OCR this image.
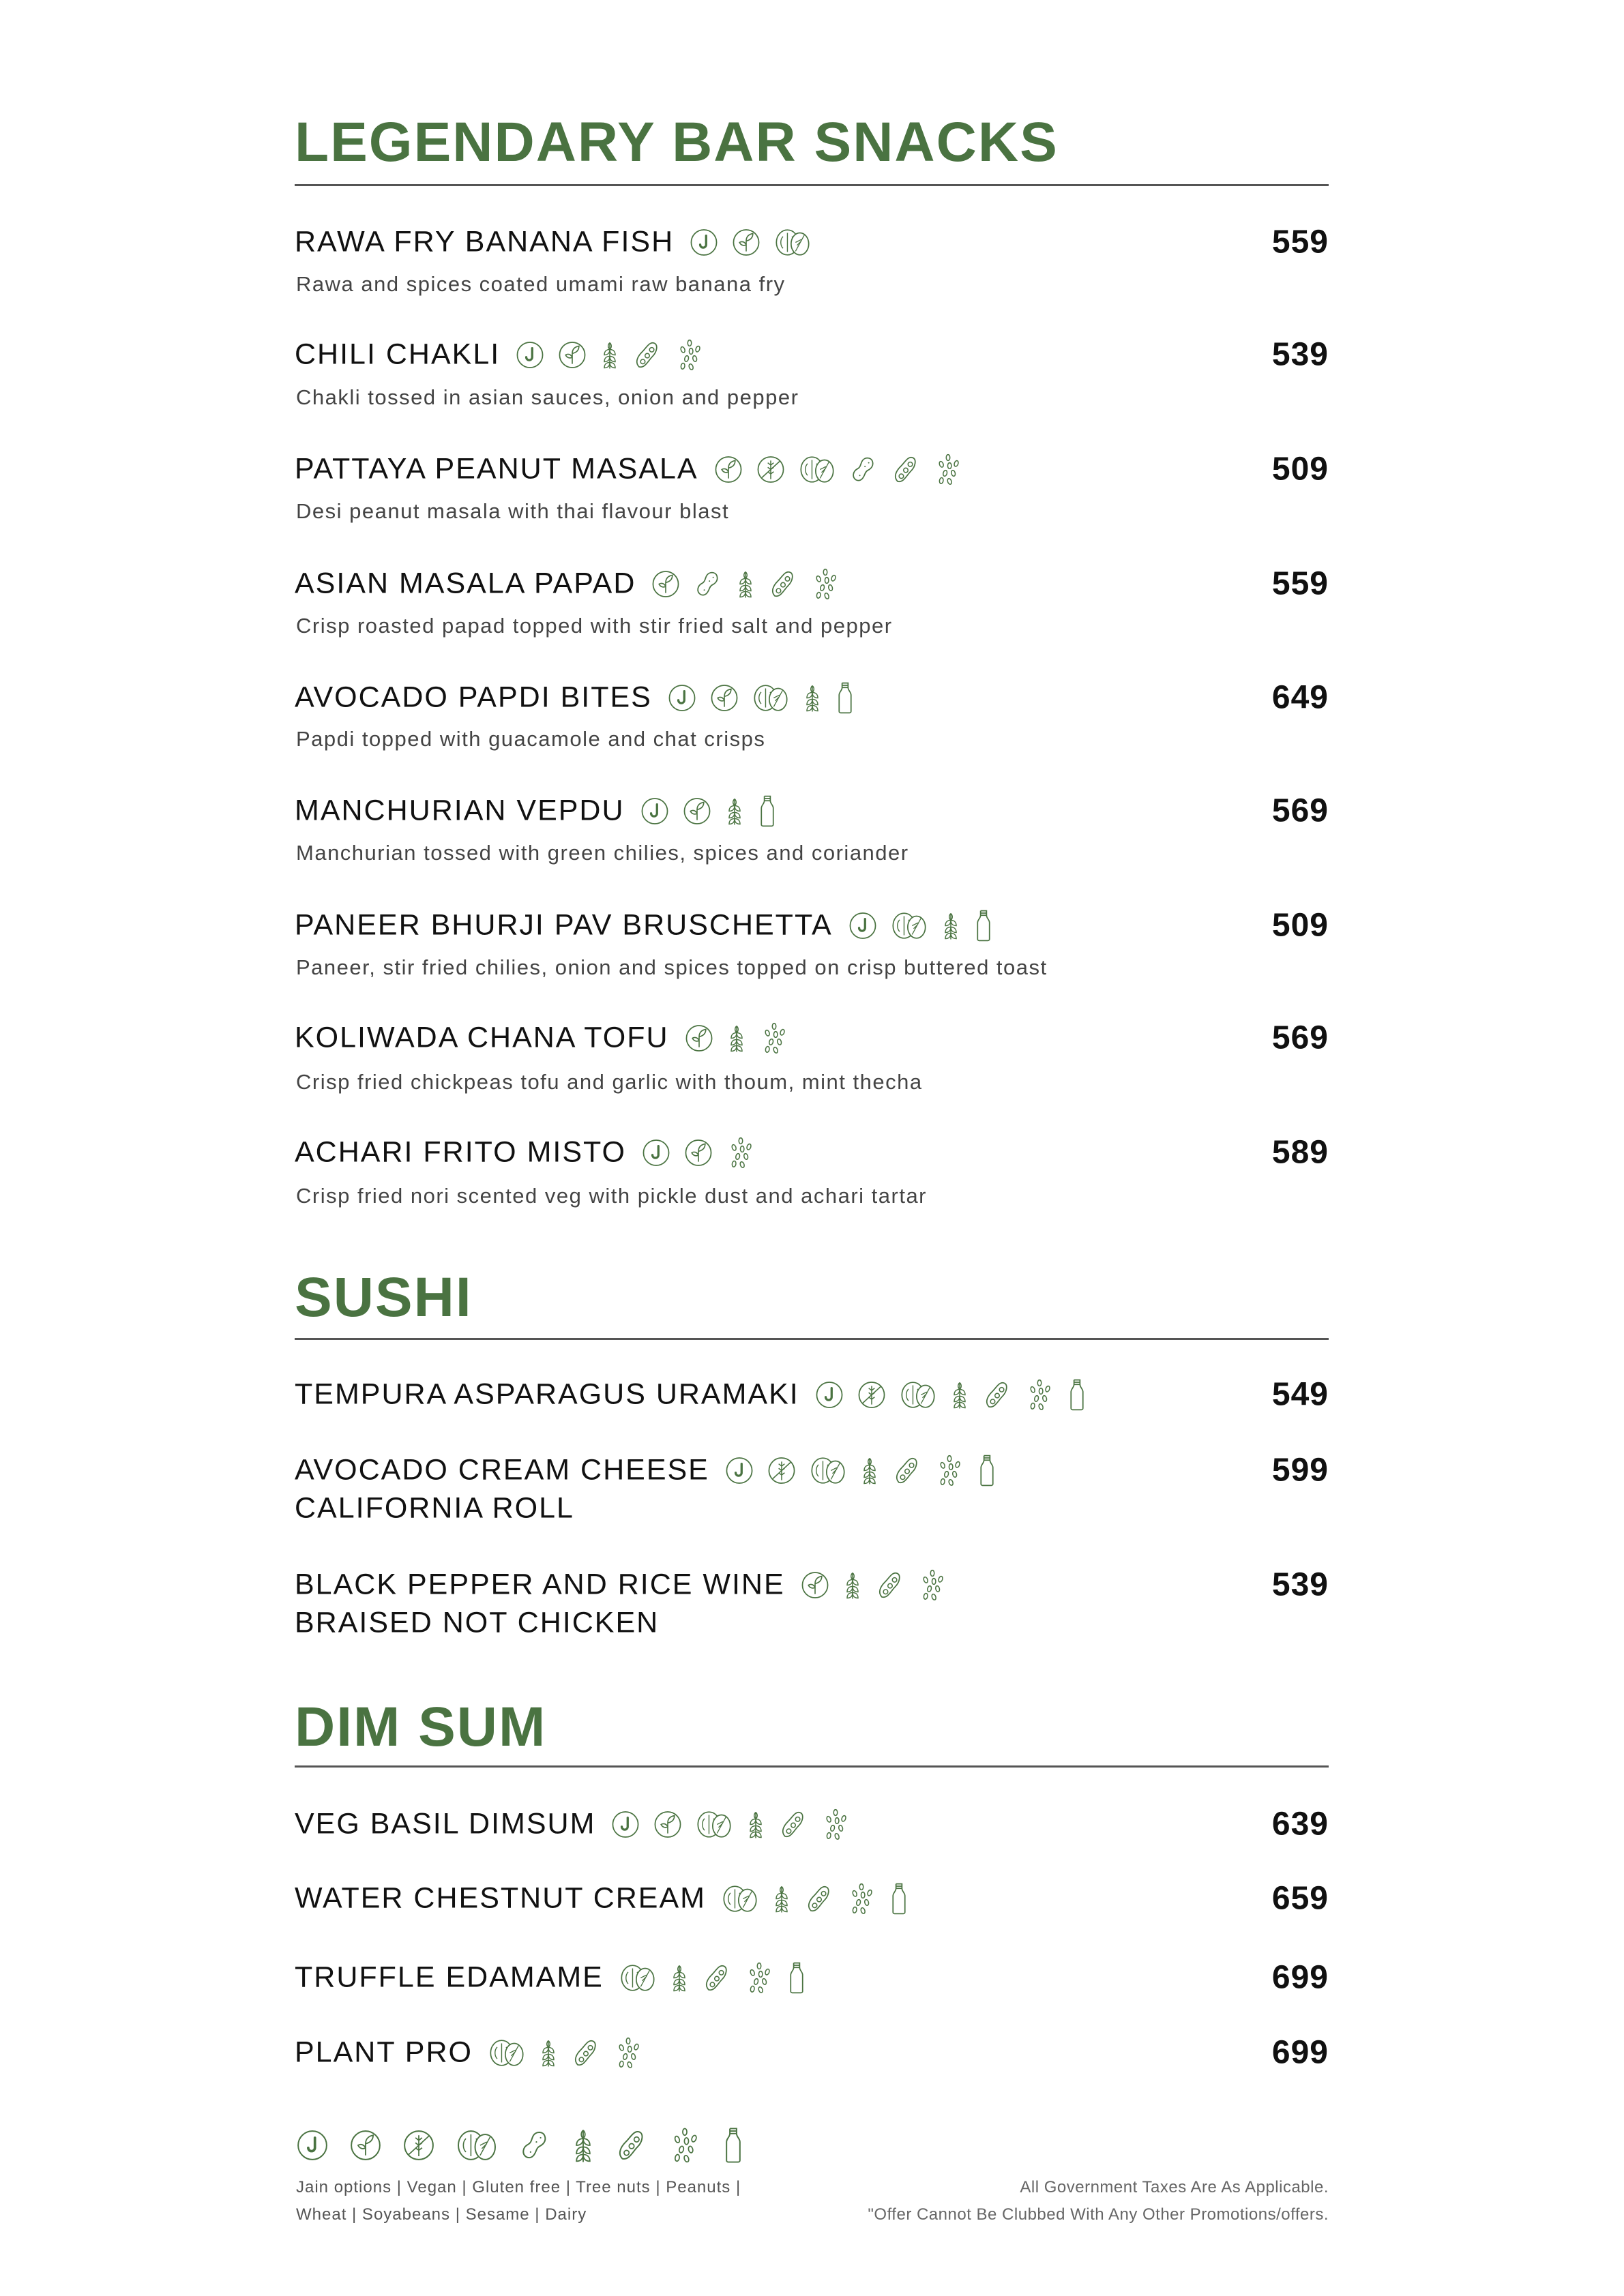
LEGENDARY BAR SNACKS
RAWA FRY BANANA FISH	559
Rawa and spices coated umami raw banana fry
CHILI CHAKLI	539
Chakli tossed in asian sauces, onion and pepper
PATTAYA PEANUT MASALA	509
Desi peanut masala with thai flavour blast
ASIAN MASALA PAPAD	559
Crisp roasted papad topped with stir fried salt and pepper
AVOCADO PAPDI BITES	649
Papdi topped with guacamole and chat crisps
MANCHURIAN VEPDU	569
Manchurian tossed with green chilies, spices and coriander
PANEER BHURJI PAV BRUSCHETTA	509
Paneer, stir fried chilies, onion and spices topped on crisp buttered toast
KOLIWADA CHANA TOFU	569
Crisp fried chickpeas tofu and garlic with thoum, mint thecha
ACHARI FRITO MISTO	589
Crisp fried nori scented veg with pickle dust and achari tartar
SUSHI
TEMPURA ASPARAGUS URAMAKI	549
AVOCADO CREAM CHEESE	599
CALIFORNIA ROLL
BLACK PEPPER AND RICE WINE	539
BRAISED NOT CHICKEN
DIM SUM
VEG BASIL DIMSUM	639
WATER CHESTNUT CREAM	659
TRUFFLE EDAMAME	699
PLANT PRO	699
Jain options | Vegan | Gluten free | Tree nuts | Peanuts |
Wheat | Soyabeans | Sesame | Dairy
All Government Taxes Are As Applicable.
"Offer Cannot Be Clubbed With Any Other Promotions/offers.
